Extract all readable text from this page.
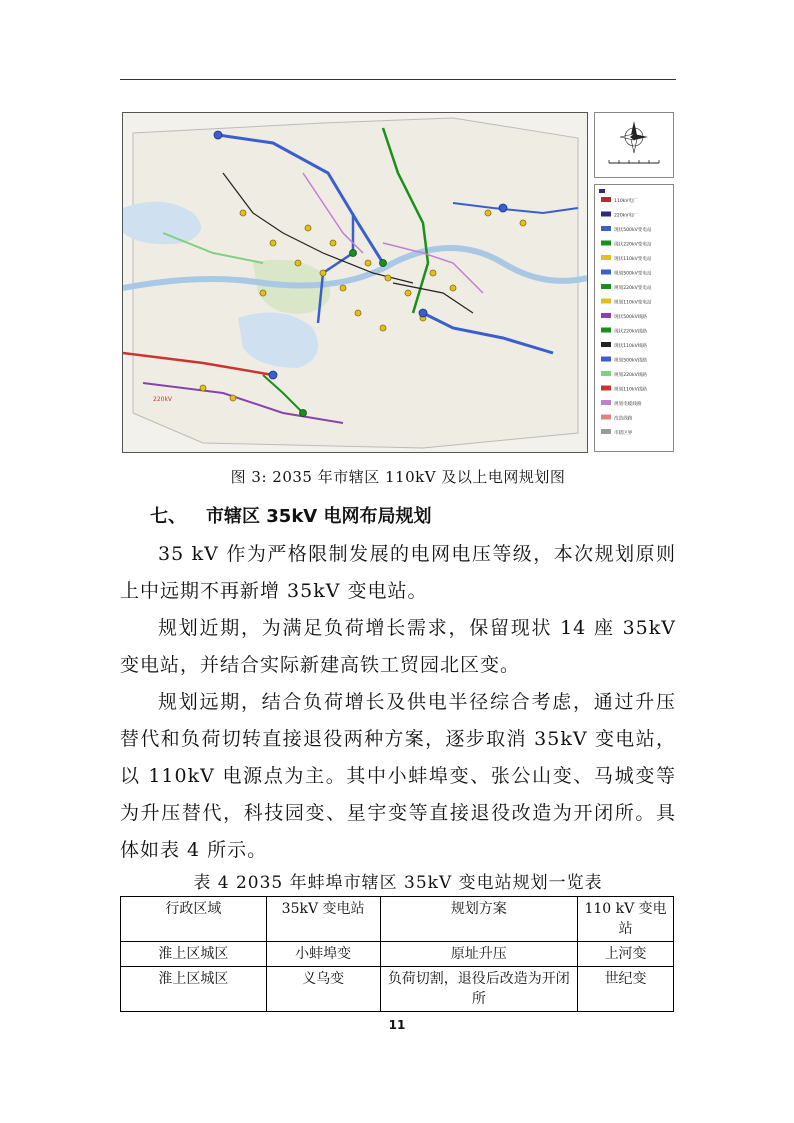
220kV
110kV电厂
220kV电厂
现状500kV变电站
现状220kV变电站
现状110kV变电站
规划500kV变电站
规划220kV变电站
规划110kV变电站
现状500kV线路
现状220kV线路
现状110kV线路
规划500kV线路
规划220kV线路
规划110kV线路
规划电缆线路
改造线路
市辖区界
图 3: 2035 年市辖区 110kV 及以上电网规划图
七、 市辖区 35kV 电网布局规划
35 kV 作为严格限制发展的电网电压等级，本次规划原则上中远期不再新增 35kV 变电站。
规划近期，为满足负荷增长需求，保留现状 14 座 35kV 变电站，并结合实际新建高铁工贸园北区变。
规划远期，结合负荷增长及供电半径综合考虑，通过升压替代和负荷切转直接退役两种方案，逐步取消 35kV 变电站，以 110kV 电源点为主。其中小蚌埠变、张公山变、马城变等为升压替代，科技园变、星宇变等直接退役改造为开闭所。具体如表 4 所示。
表 4 2035 年蚌埠市辖区 35kV 变电站规划一览表
行政区域	35kV 变电站	规划方案	110 kV 变电站
淮上区城区	小蚌埠变	原址升压	上河变
淮上区城区	义乌变	负荷切割，退役后改造为开闭所	世纪变
11
